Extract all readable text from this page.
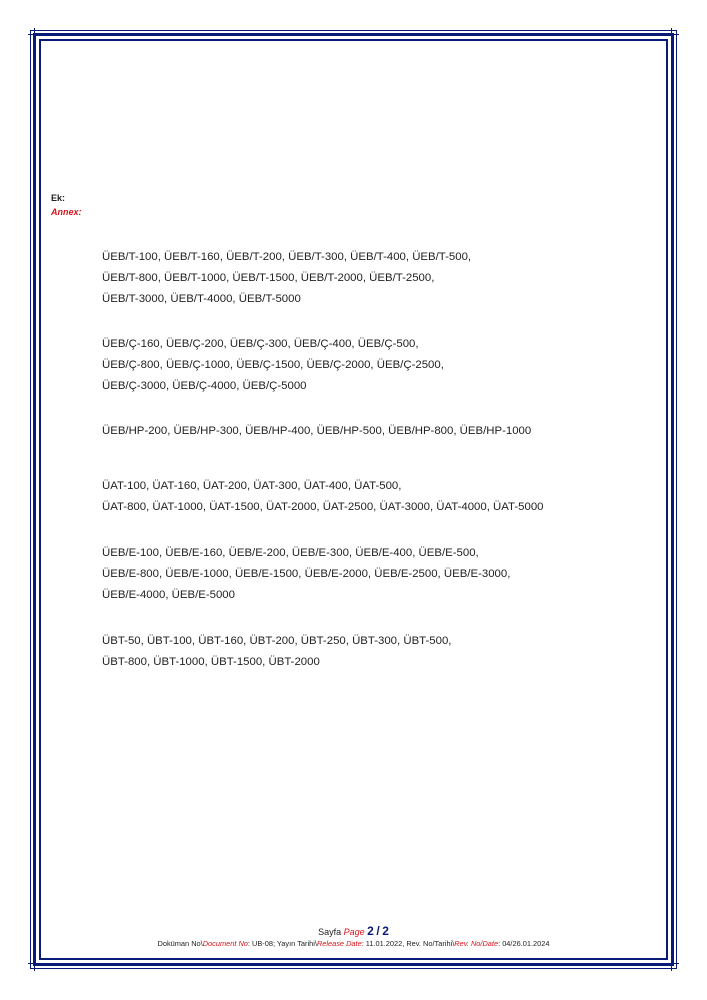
Ek:
Annex:

ÜEB/T-100, ÜEB/T-160, ÜEB/T-200, ÜEB/T-300, ÜEB/T-400, ÜEB/T-500,

ÜEB/T-800, ÜEB/T-1000, ÜEB/T-1500, ÜEB/T-2000, ÜEB/T-2500,

ÜEB/T-3000, ÜEB/T-4000, ÜEB/T-5000

ÜEB/Ç-160, ÜEB/Ç-200, ÜEB/Ç-300, ÜEB/Ç-400, ÜEB/Ç-500,

ÜEB/Ç-800, ÜEB/Ç-1000, ÜEB/Ç-1500, ÜEB/Ç-2000, ÜEB/Ç-2500,

ÜEB/Ç-3000, ÜEB/Ç-4000, ÜEB/Ç-5000

ÜEB/HP-200, ÜEB/HP-300, ÜEB/HP-400, ÜEB/HP-500, ÜEB/HP-800, ÜEB/HP-1000

ÜAT-100, ÜAT-160, ÜAT-200, ÜAT-300, ÜAT-400, ÜAT-500,

ÜAT-800, ÜAT-1000, ÜAT-1500, ÜAT-2000, ÜAT-2500, ÜAT-3000, ÜAT-4000, ÜAT-5000

ÜEB/E-100, ÜEB/E-160, ÜEB/E-200, ÜEB/E-300, ÜEB/E-400, ÜEB/E-500,

ÜEB/E-800, ÜEB/E-1000, ÜEB/E-1500, ÜEB/E-2000, ÜEB/E-2500, ÜEB/E-3000,

ÜEB/E-4000, ÜEB/E-5000

ÜBT-50, ÜBT-100, ÜBT-160, ÜBT-200, ÜBT-250, ÜBT-300, ÜBT-500,

ÜBT-800, ÜBT-1000, ÜBT-1500, ÜBT-2000

Sayfa Page 2 / 2
Doküman No\Document No: UB-08; Yayın Tarihi\Release Date: 11.01.2022, Rev. No/Tarihi\Rev. No/Date: 04/26.01.2024
